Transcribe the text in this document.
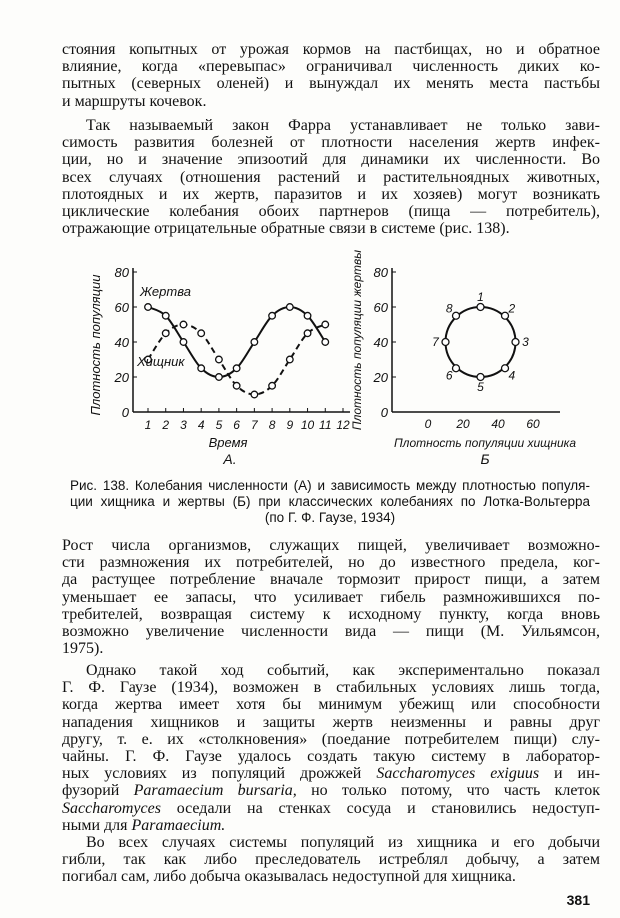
стояния копытных от урожая кормов на пастбищах, но и обратное
влияние, когда «перевыпас» ограничивал численность диких ко-
пытных (северных оленей) и вынуждал их менять места пастьбы
и маршруты кочевок.
Так называемый закон Фарра устанавливает не только зави-
симость развития болезней от плотности населения жертв инфек-
ции, но и значение эпизоотий для динамики их численности. Во
всех случаях (отношения растений и растительноядных животных,
плотоядных и их жертв, паразитов и их хозяев) могут возникать
циклические колебания обоих партнеров (пища — потребитель),
отражающие отрицательные обратные связи в системе (рис. 138).
Рост числа организмов, служащих пищей, увеличивает возможно-
сти размножения их потребителей, но до известного предела, ког-
да растущее потребление вначале тормозит прирост пищи, а затем
уменьшает ее запасы, что усиливает гибель размножившихся по-
требителей, возвращая систему к исходному пункту, когда вновь
возможно увеличение численности вида — пищи (М. Уильямсон,
1975).
Однако такой ход событий, как экспериментально показал
Г. Ф. Гаузе (1934), возможен в стабильных условиях лишь тогда,
когда жертва имеет хотя бы минимум убежищ или способности
нападения хищников и защиты жертв неизменны и равны друг
другу, т. е. их «столкновения» (поедание потребителем пищи) слу-
чайны. Г. Ф. Гаузе удалось создать такую систему в лаборатор-
ных условиях из популяций дрожжей Saccharomyces exiguus и ин-
фузорий Paramaecium bursaria, но только потому, что часть клеток
Saccharomyces оседали на стенках сосуда и становились недоступ-
ными для Paramaecium.
Во всех случаях системы популяций из хищника и его добычи
гибли, так как либо преследователь истреблял добычу, а затем
погибал сам, либо добыча оказывалась недоступной для хищника.
0
20
40
60
80
1 2 3 4 5 6 7 8 9 10 11 12
Жертва
Хищник
Время
А.
Плотность популяции	0
20
40
60
80
0 20 40 60
1
2
3
4
5
6
7
8
Плотность популяции хищника
Б
Плотность популяции жертвы
Рис. 138. Колебания численности (А) и зависимость между плотностью популя-
ции хищника и жертвы (Б) при классических колебаниях по Лотка-Вольтерра
(по Г. Ф. Гаузе, 1934)
381
